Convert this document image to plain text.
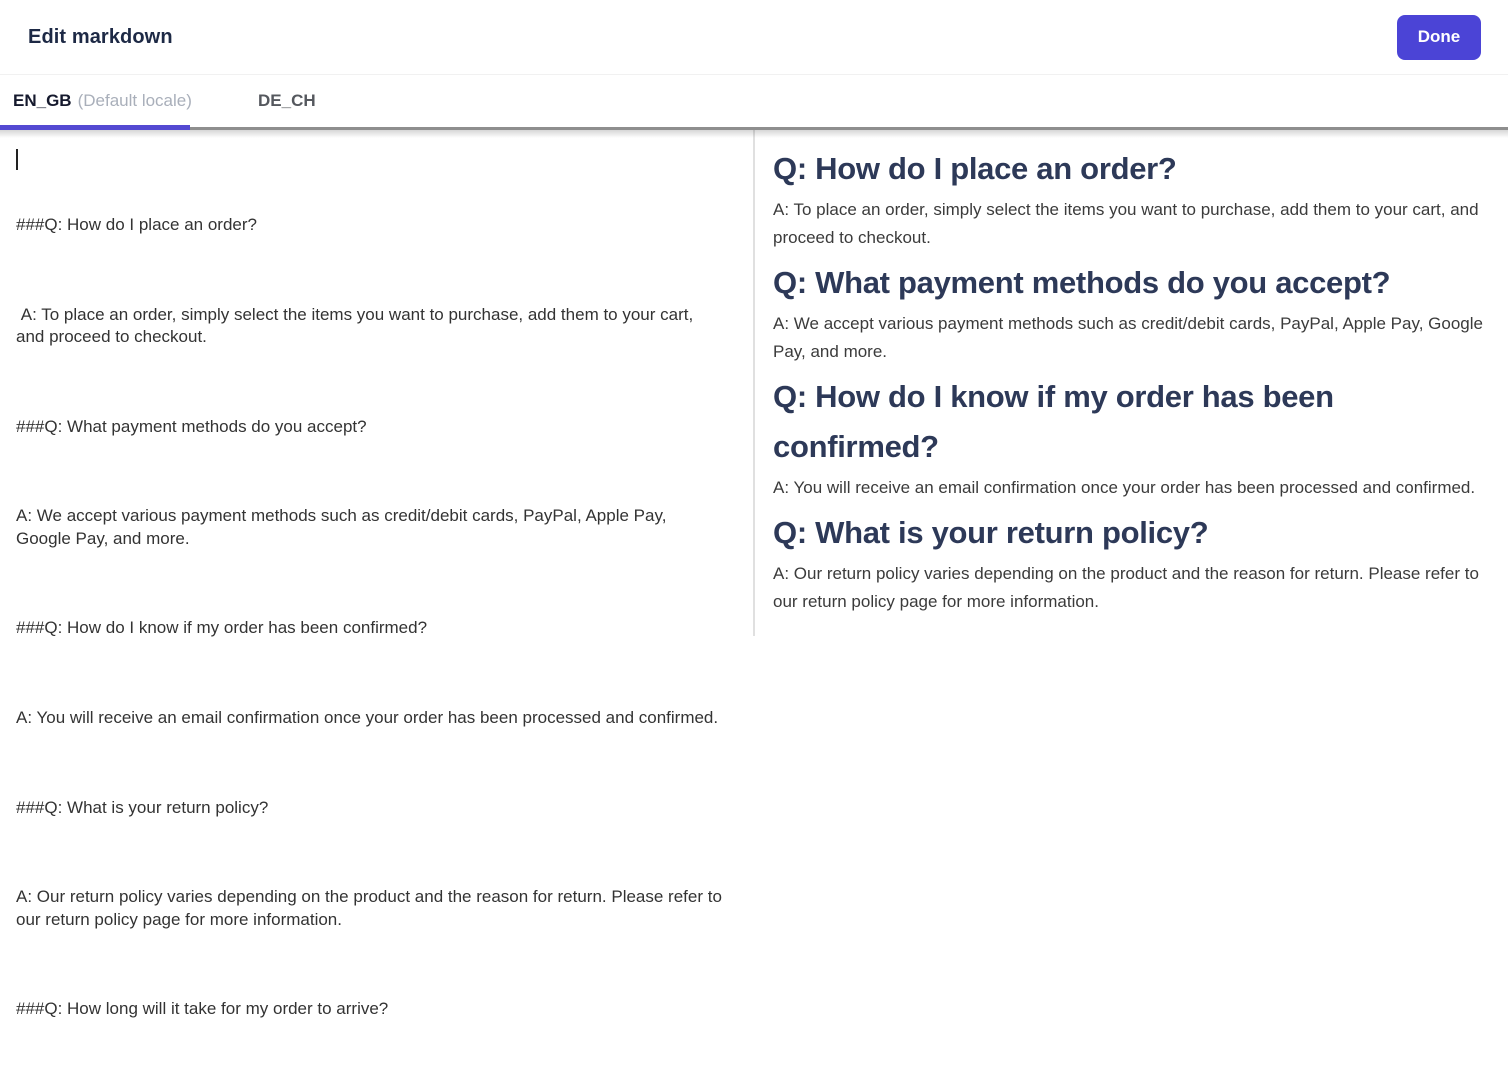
Edit markdown	Done
EN_GB (Default locale)	DE_CH

###Q: How do I place an order?

A: To place an order, simply select the items you want to purchase, add them to your cart, and proceed to checkout.

###Q: What payment methods do you accept?

A: We accept various payment methods such as credit/debit cards, PayPal, Apple Pay, Google Pay, and more.

###Q: How do I know if my order has been confirmed?

A: You will receive an email confirmation once your order has been processed and confirmed.

###Q: What is your return policy?

A: Our return policy varies depending on the product and the reason for return. Please refer to our return policy page for more information.

###Q: How long will it take for my order to arrive?

Q: How do I place an order?

A: To place an order, simply select the items you want to purchase, add them to your cart, and proceed to checkout.

Q: What payment methods do you accept?

A: We accept various payment methods such as credit/debit cards, PayPal, Apple Pay, Google Pay, and more.

Q: How do I know if my order has been confirmed?

A: You will receive an email confirmation once your order has been processed and confirmed.

Q: What is your return policy?

A: Our return policy varies depending on the product and the reason for return. Please refer to our return policy page for more information.
